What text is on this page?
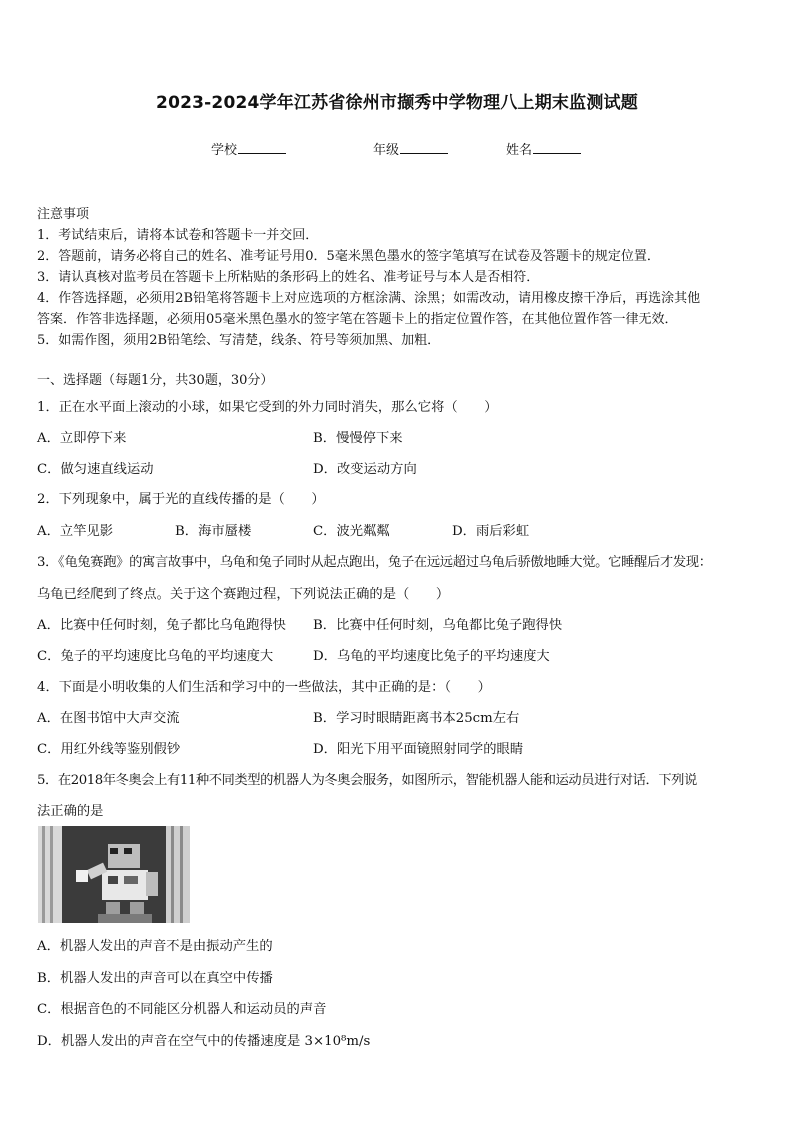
2023-2024学年江苏省徐州市撷秀中学物理八上期末监测试题
学校	年级	姓名
注意事项
1．考试结束后，请将本试卷和答题卡一并交回．
2．答题前，请务必将自己的姓名、准考证号用0．5毫米黑色墨水的签字笔填写在试卷及答题卡的规定位置．
3．请认真核对监考员在答题卡上所粘贴的条形码上的姓名、准考证号与本人是否相符．
4．作答选择题，必须用2B铅笔将答题卡上对应选项的方框涂满、涂黑；如需改动，请用橡皮擦干净后，再选涂其他
答案．作答非选择题，必须用05毫米黑色墨水的签字笔在答题卡上的指定位置作答，在其他位置作答一律无效．
5．如需作图，须用2B铅笔绘、写清楚，线条、符号等须加黑、加粗．
一、选择题（每题1分，共30题，30分）
1．正在水平面上滚动的小球，如果它受到的外力同时消失，那么它将（　　）
A．立即停下来	B．慢慢停下来
C．做匀速直线运动	D．改变运动方向
2．下列现象中，属于光的直线传播的是（　　）
A．立竿见影	B．海市蜃楼	C．波光粼粼	D．雨后彩虹
3．《龟兔赛跑》的寓言故事中，乌龟和兔子同时从起点跑出，兔子在远远超过乌龟后骄傲地睡大觉。它睡醒后才发现：
乌龟已经爬到了终点。关于这个赛跑过程，下列说法正确的是（　　）
A．比赛中任何时刻，兔子都比乌龟跑得快 B．比赛中任何时刻，乌龟都比兔子跑得快
C．兔子的平均速度比乌龟的平均速度大	D．乌龟的平均速度比兔子的平均速度大
4．下面是小明收集的人们生活和学习中的一些做法，其中正确的是：（　　）
A．在图书馆中大声交流	B．学习时眼睛距离书本25cm左右
C．用红外线等鉴别假钞	D．阳光下用平面镜照射同学的眼睛
5．在2018年冬奥会上有11种不同类型的机器人为冬奥会服务，如图所示，智能机器人能和运动员进行对话．下列说
法正确的是
A．机器人发出的声音不是由振动产生的
B．机器人发出的声音可以在真空中传播
C．根据音色的不同能区分机器人和运动员的声音
D．机器人发出的声音在空气中的传播速度是 3×10⁸m/s
